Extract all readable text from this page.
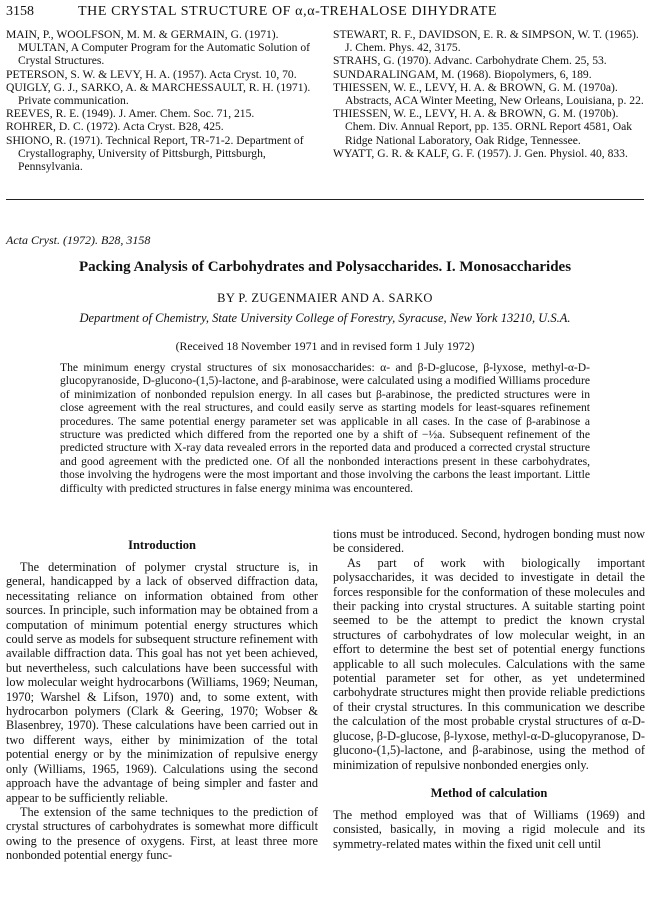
3158	THE CRYSTAL STRUCTURE OF α,α-TREHALOSE DIHYDRATE

MAIN, P., WOOLFSON, M. M. & GERMAIN, G. (1971). MULTAN, A Computer Program for the Automatic Solution of Crystal Structures.

PETERSON, S. W. & LEVY, H. A. (1957). Acta Cryst. 10, 70.

QUIGLY, G. J., SARKO, A. & MARCHESSAULT, R. H. (1971). Private communication.

REEVES, R. E. (1949). J. Amer. Chem. Soc. 71, 215.

ROHRER, D. C. (1972). Acta Cryst. B28, 425.

SHIONO, R. (1971). Technical Report, TR-71-2. Department of Crystallography, University of Pittsburgh, Pittsburgh, Pennsylvania.

STEWART, R. F., DAVIDSON, E. R. & SIMPSON, W. T. (1965). J. Chem. Phys. 42, 3175.

STRAHS, G. (1970). Advanc. Carbohydrate Chem. 25, 53.

SUNDARALINGAM, M. (1968). Biopolymers, 6, 189.

THIESSEN, W. E., LEVY, H. A. & BROWN, G. M. (1970a). Abstracts, ACA Winter Meeting, New Orleans, Louisiana, p. 22.

THIESSEN, W. E., LEVY, H. A. & BROWN, G. M. (1970b). Chem. Div. Annual Report, pp. 135. ORNL Report 4581, Oak Ridge National Laboratory, Oak Ridge, Tennessee.

WYATT, G. R. & KALF, G. F. (1957). J. Gen. Physiol. 40, 833.

Acta Cryst. (1972). B28, 3158
Packing Analysis of Carbohydrates and Polysaccharides. I. Monosaccharides
BY P. ZUGENMAIER AND A. SARKO
Department of Chemistry, State University College of Forestry, Syracuse, New York 13210, U.S.A.
(Received 18 November 1971 and in revised form 1 July 1972)

The minimum energy crystal structures of six monosaccharides: α- and β-D-glucose, β-lyxose, methyl-α-D-glucopyranoside, D-glucono-(1,5)-lactone, and β-arabinose, were calculated using a modified Williams procedure of minimization of nonbonded repulsion energy. In all cases but β-arabinose, the predicted structures were in close agreement with the real structures, and could easily serve as starting models for least-squares refinement procedures. The same potential energy parameter set was applicable in all cases. In the case of β-arabinose a structure was predicted which differed from the reported one by a shift of −½a. Subsequent refinement of the predicted structure with X-ray data revealed errors in the reported data and produced a corrected crystal structure and good agreement with the predicted one. Of all the nonbonded interactions present in these carbohydrates, those involving the hydrogens were the most important and those involving the carbons the least important. Little difficulty with predicted structures in false energy minima was encountered.

Introduction

The determination of polymer crystal structure is, in general, handicapped by a lack of observed diffraction data, necessitating reliance on information obtained from other sources. In principle, such information may be obtained from a computation of minimum potential energy structures which could serve as models for subsequent structure refinement with available diffraction data. This goal has not yet been achieved, but nevertheless, such calculations have been successful with low molecular weight hydrocarbons (Williams, 1969; Neuman, 1970; Warshel & Lifson, 1970) and, to some extent, with hydrocarbon polymers (Clark & Geering, 1970; Wobser & Blasenbrey, 1970). These calculations have been carried out in two different ways, either by minimization of the total potential energy or by the minimization of repulsive energy only (Williams, 1965, 1969). Calculations using the second approach have the advantage of being simpler and faster and appear to be sufficiently reliable.

The extension of the same techniques to the prediction of crystal structures of carbohydrates is somewhat more difficult owing to the presence of oxygens. First, at least three more nonbonded potential energy func-

tions must be introduced. Second, hydrogen bonding must now be considered.

As part of work with biologically important polysaccharides, it was decided to investigate in detail the forces responsible for the conformation of these molecules and their packing into crystal structures. A suitable starting point seemed to be the attempt to predict the known crystal structures of carbohydrates of low molecular weight, in an effort to determine the best set of potential energy functions applicable to all such molecules. Calculations with the same potential parameter set for other, as yet undetermined carbohydrate structures might then provide reliable predictions of their crystal structures. In this communication we describe the calculation of the most probable crystal structures of α-D-glucose, β-D-glucose, β-lyxose, methyl-α-D-glucopyranose, D-glucono-(1,5)-lactone, and β-arabinose, using the method of minimization of repulsive nonbonded energies only.

Method of calculation

The method employed was that of Williams (1969) and consisted, basically, in moving a rigid molecule and its symmetry-related mates within the fixed unit cell until
